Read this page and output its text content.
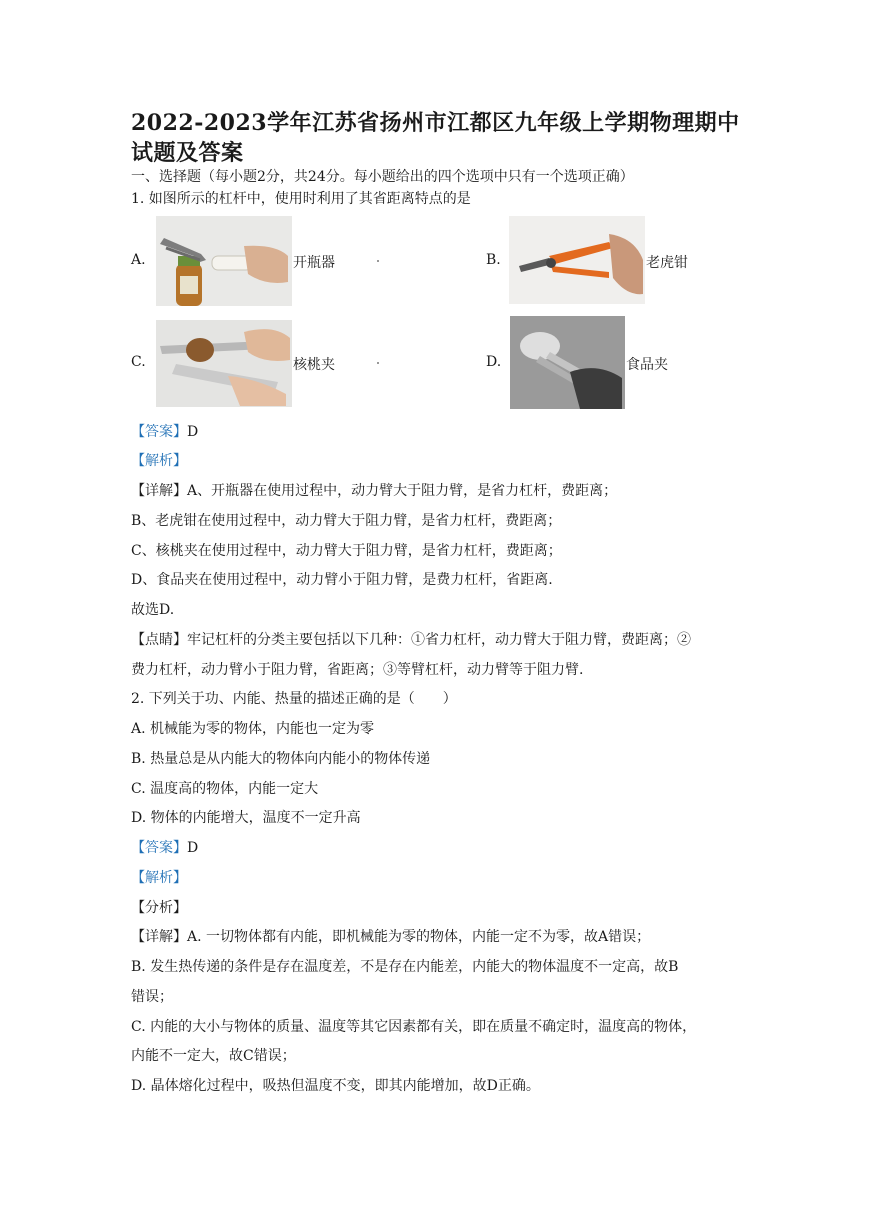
2022-2023学年江苏省扬州市江都区九年级上学期物理期中
试题及答案
一、选择题（每小题2分，共24分。每小题给出的四个选项中只有一个选项正确）
1. 如图所示的杠杆中，使用时利用了其省距离特点的是
A.	开瓶器	B.	老虎钳
C.	核桃夹	D.	食品夹
【答案】D
【解析】
【详解】A、开瓶器在使用过程中，动力臂大于阻力臂，是省力杠杆，费距离；
B、老虎钳在使用过程中，动力臂大于阻力臂，是省力杠杆，费距离；
C、核桃夹在使用过程中，动力臂大于阻力臂，是省力杠杆，费距离；
D、食品夹在使用过程中，动力臂小于阻力臂，是费力杠杆，省距离.
故选D.
【点睛】牢记杠杆的分类主要包括以下几种：①省力杠杆，动力臂大于阻力臂，费距离；②
费力杠杆，动力臂小于阻力臂，省距离；③等臂杠杆，动力臂等于阻力臂.
2. 下列关于功、内能、热量的描述正确的是（　　）
A. 机械能为零的物体，内能也一定为零
B. 热量总是从内能大的物体向内能小的物体传递
C. 温度高的物体，内能一定大
D. 物体的内能增大，温度不一定升高
【答案】D
【解析】
【分析】
【详解】A. 一切物体都有内能，即机械能为零的物体，内能一定不为零，故A错误；
B. 发生热传递的条件是存在温度差，不是存在内能差，内能大的物体温度不一定高，故B
错误；
C. 内能的大小与物体的质量、温度等其它因素都有关，即在质量不确定时，温度高的物体，
内能不一定大，故C错误；
D. 晶体熔化过程中，吸热但温度不变，即其内能增加，故D正确。
